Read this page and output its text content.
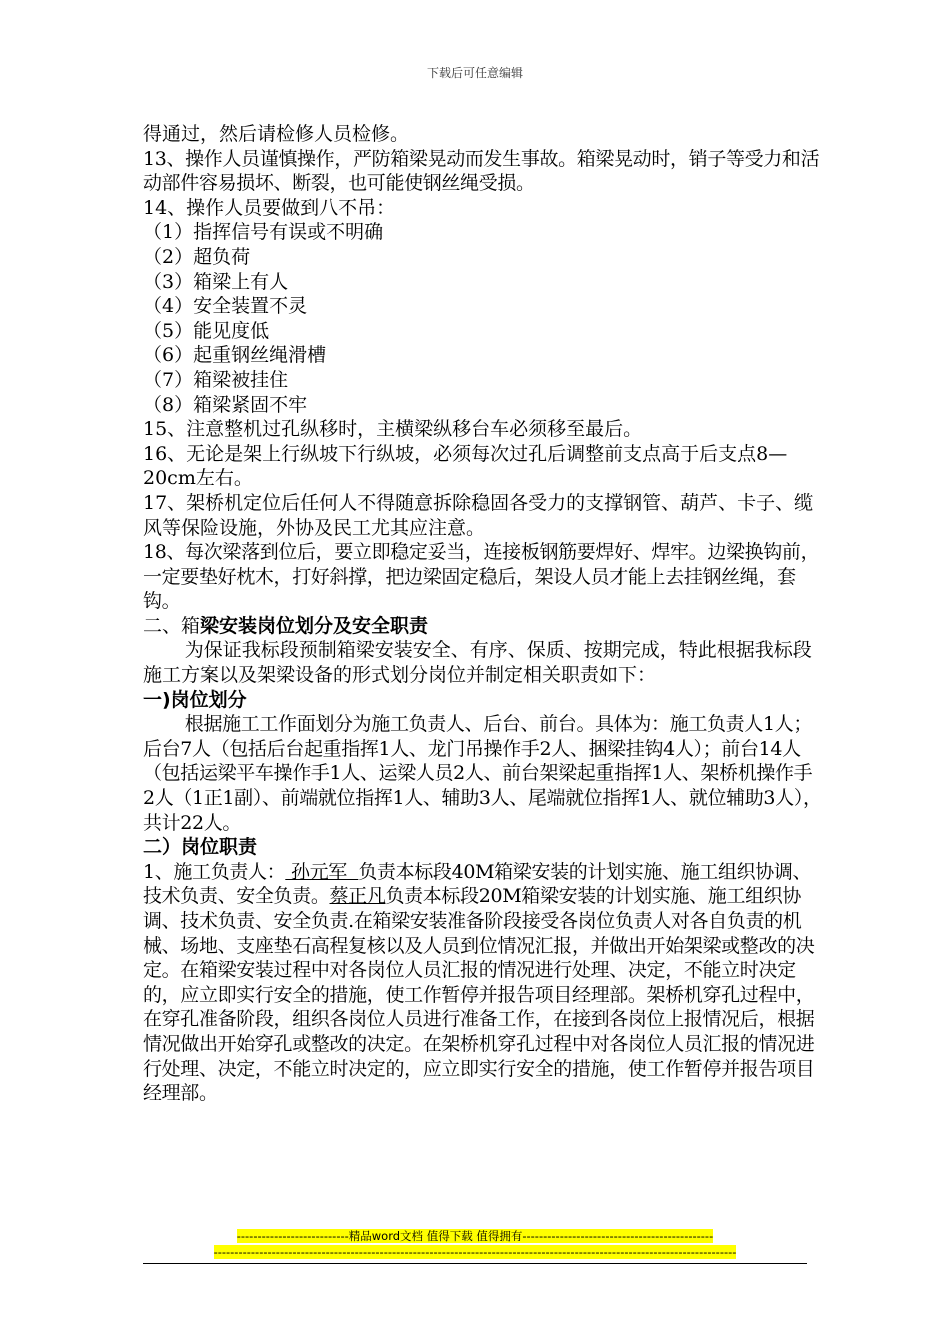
下载后可任意编辑

得通过，然后请检修人员检修。

13、操作人员谨慎操作，严防箱梁晃动而发生事故。箱梁晃动时，销子等受力和活动部件容易损坏、断裂，也可能使钢丝绳受损。

14、操作人员要做到八不吊：

（1）指挥信号有误或不明确

（2）超负荷

（3）箱梁上有人

（4）安全装置不灵

（5）能见度低

（6）起重钢丝绳滑槽

（7）箱梁被挂住

（8）箱梁紧固不牢

15、注意整机过孔纵移时，主横梁纵移台车必须移至最后。

16、无论是架上行纵坡下行纵坡，必须每次过孔后调整前支点高于后支点8—20cm左右。

17、架桥机定位后任何人不得随意拆除稳固各受力的支撑钢管、葫芦、卡子、缆风等保险设施，外协及民工尤其应注意。

18、每次梁落到位后，要立即稳定妥当，连接板钢筋要焊好、焊牢。边梁换钩前，一定要垫好枕木，打好斜撑，把边梁固定稳后，架设人员才能上去挂钢丝绳，套钩。

二、箱梁安装岗位划分及安全职责

为保证我标段预制箱梁安装安全、有序、保质、按期完成，特此根据我标段施工方案以及架梁设备的形式划分岗位并制定相关职责如下：

一)岗位划分

根据施工工作面划分为施工负责人、后台、前台。具体为：施工负责人1人；后台7人（包括后台起重指挥1人、龙门吊操作手2人、捆梁挂钩4人）；前台14人（包括运梁平车操作手1人、运梁人员2人、前台架梁起重指挥1人、架桥机操作手2人（1正1副）、前端就位指挥1人、辅助3人、尾端就位指挥1人、就位辅助3人），共计22人。

二）岗位职责

1、施工负责人： 孙元军  负责本标段40M箱梁安装的计划实施、施工组织协调、技术负责、安全负责。蔡正凡负责本标段20M箱梁安装的计划实施、施工组织协调、技术负责、安全负责.在箱梁安装准备阶段接受各岗位负责人对各自负责的机械、场地、支座垫石高程复核以及人员到位情况汇报，并做出开始架梁或整改的决定。在箱梁安装过程中对各岗位人员汇报的情况进行处理、决定，不能立时决定的，应立即实行安全的措施，使工作暂停并报告项目经理部。架桥机穿孔过程中，在穿孔准备阶段，组织各岗位人员进行准备工作，在接到各岗位上报情况后，根据情况做出开始穿孔或整改的决定。在架桥机穿孔过程中对各岗位人员汇报的情况进行处理、决定，不能立时决定的，应立即实行安全的措施，使工作暂停并报告项目经理部。

---------------------------精品word文档 值得下载 值得拥有----------------------------------------------
------------------------------------------------------------------------------------------------------------------------------
